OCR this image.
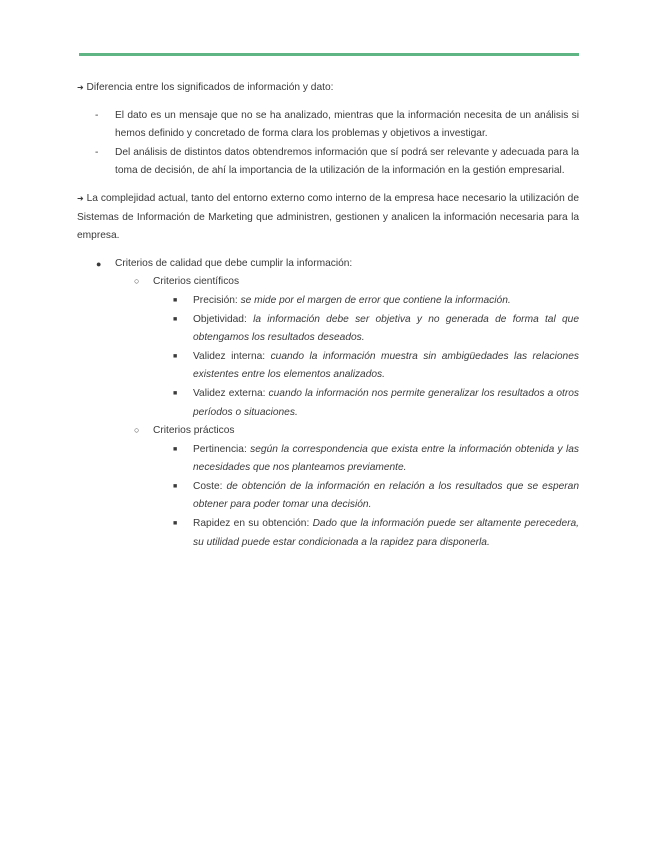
➜ Diferencia entre los significados de información y dato:

- El dato es un mensaje que no se ha analizado, mientras que la información necesita de un análisis si hemos definido y concretado de forma clara los problemas y objetivos a investigar.
- Del análisis de distintos datos obtendremos información que sí podrá ser relevante y adecuada para la toma de decisión, de ahí la importancia de la utilización de la información en la gestión empresarial.

➜ La complejidad actual, tanto del entorno externo como interno de la empresa hace necesario la utilización de Sistemas de Información de Marketing que administren, gestionen y analicen la información necesaria para la empresa.

● Criterios de calidad que debe cumplir la información:
○ Criterios científicos
■ Precisión: se mide por el margen de error que contiene la información.
■ Objetividad: la información debe ser objetiva y no generada de forma tal que obtengamos los resultados deseados.
■ Validez interna: cuando la información muestra sin ambigüedades las relaciones existentes entre los elementos analizados.
■ Validez externa: cuando la información nos permite generalizar los resultados a otros períodos o situaciones.
○ Criterios prácticos
■ Pertinencia: según la correspondencia que exista entre la información obtenida y las necesidades que nos planteamos previamente.
■ Coste: de obtención de la información en relación a los resultados que se esperan obtener para poder tomar una decisión.
■ Rapidez en su obtención: Dado que la información puede ser altamente perecedera, su utilidad puede estar condicionada a la rapidez para disponerla.
